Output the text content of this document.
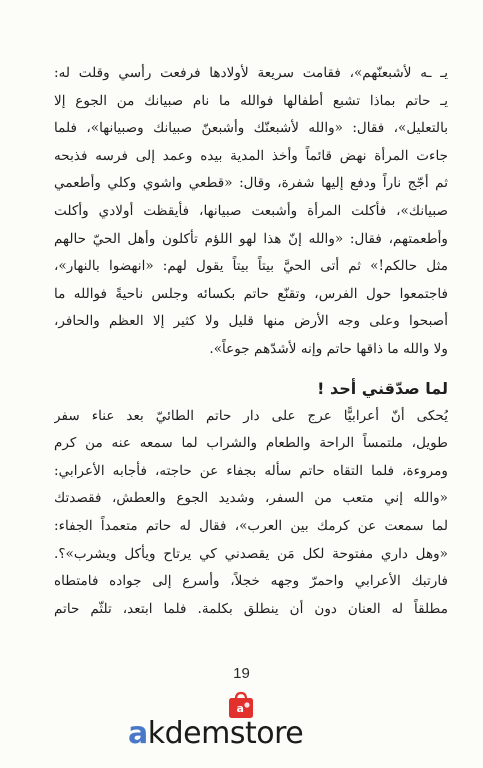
يـ ـه لأشبعنّهم»، فقامت سريعة لأولادها فرفعت رأسي وقلت له:
يـ حاتم بماذا تشبع أطفالها فوالله ما نام صبيانك من الجوع إلا
بالتعليل»، فقال: «والله لأشبعنّك وأشبعنّ صبيانك وصبيانها»، فلما
جاءت المرأة نهض قائماً وأخذ المدية بيده وعمد إلى فرسه فذبحه
ثم أجّج ناراً ودفع إليها شفرة، وقال: «قطعي واشوي وكلي وأطعمي
صبيانك»، فأكلت المرأة وأشبعت صبيانها، فأيقظت أولادي وأكلت
وأطعمتهم، فقال: «والله إنّ هذا لهو اللؤم تأكلون وأهل الحيّ حالهم
مثل حالكم!» ثم أتى الحيَّ بيتاً بيتاً يقول لهم: «انهضوا بالنهار»،
فاجتمعوا حول الفرس، وتقنّع حاتم بكسائه وجلس ناحيةً فوالله ما
أصبحوا وعلى وجه الأرض منها قليل ولا كثير إلا العظم والحافر،
ولا والله ما ذاقها حاتم وإنه لأشدّهم جوعاً».
لما صدّقني أحد !
يُحكى أنّ أعرابيًّا عرج على دار حاتم الطائيّ بعد عناء سفر
طويل، ملتمساً الراحة والطعام والشراب لما سمعه عنه من كرم
ومروءة، فلما التقاه حاتم سأله بجفاء عن حاجته، فأجابه الأعرابي:
«والله إني متعب من السفر، وشديد الجوع والعطش، فقصدتك
لما سمعت عن كرمك بين العرب»، فقال له حاتم متعمداً الجفاء:
«وهل داري مفتوحة لكل مَن يقصدني كي يرتاح ويأكل ويشرب»؟.
فارتبك الأعرابي واحمرّ وجهه خجلاً، وأسرع إلى جواده فامتطاه
مطلقاً له العنان دون أن ينطلق بكلمة. فلما ابتعد، تلثّم حاتم
19
a
akdemstore
